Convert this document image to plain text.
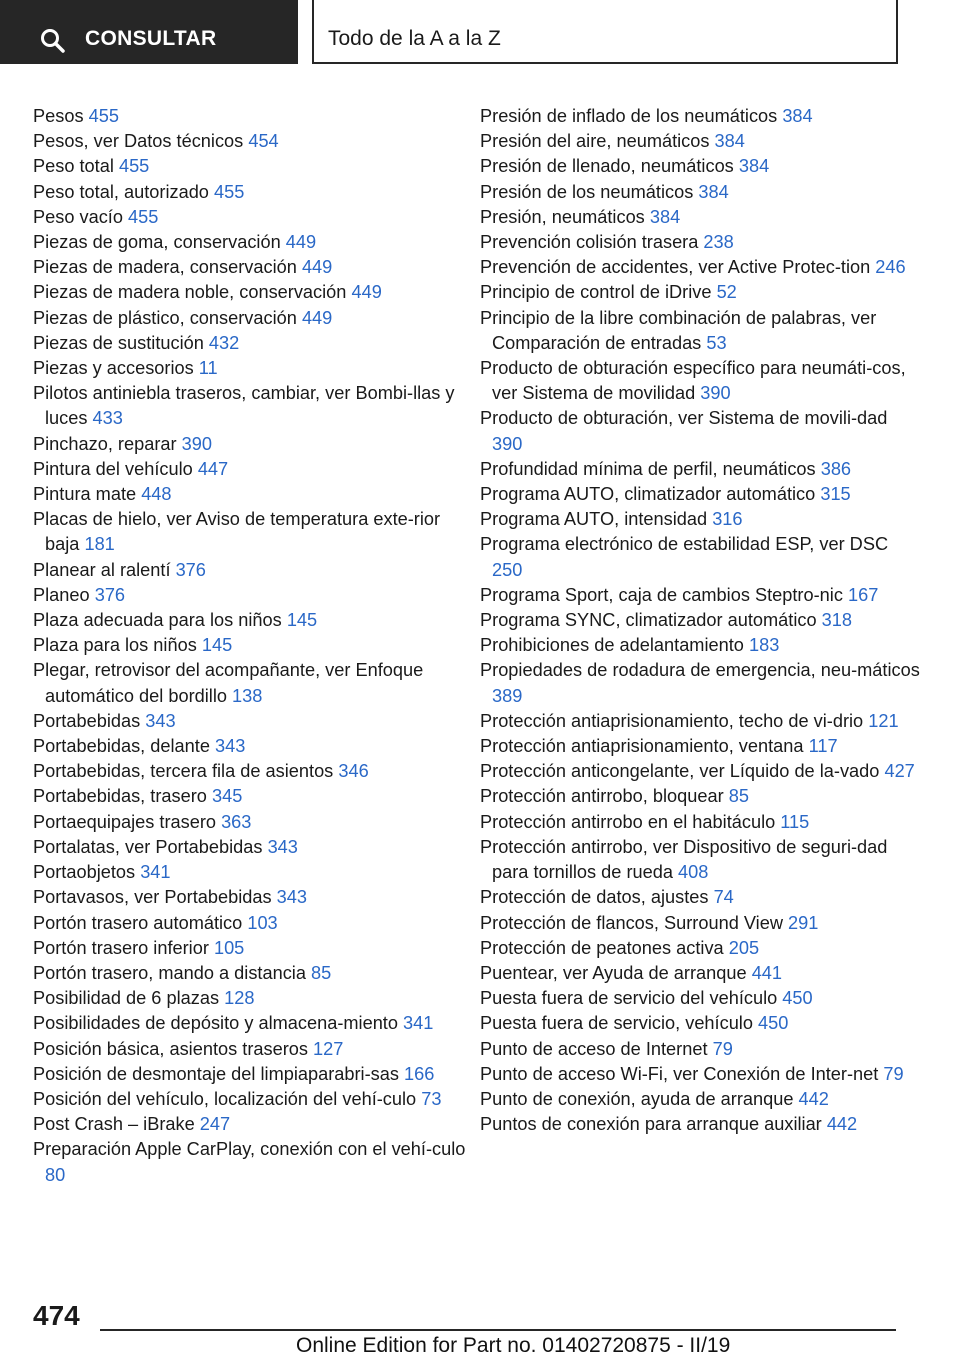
CONSULTAR	Todo de la A a la Z
Pesos 455
Pesos, ver Datos técnicos 454
Peso total 455
Peso total, autorizado 455
Peso vacío 455
Piezas de goma, conservación 449
Piezas de madera, conservación 449
Piezas de madera noble, conservación 449
Piezas de plástico, conservación 449
Piezas de sustitución 432
Piezas y accesorios 11
Pilotos antiniebla traseros, cambiar, ver Bombi-llas y luces 433
Pinchazo, reparar 390
Pintura del vehículo 447
Pintura mate 448
Placas de hielo, ver Aviso de temperatura exte-rior baja 181
Planear al ralentí 376
Planeo 376
Plaza adecuada para los niños 145
Plaza para los niños 145
Plegar, retrovisor del acompañante, ver Enfoque automático del bordillo 138
Portabebidas 343
Portabebidas, delante 343
Portabebidas, tercera fila de asientos 346
Portabebidas, trasero 345
Portaequipajes trasero 363
Portalatas, ver Portabebidas 343
Portaobjetos 341
Portavasos, ver Portabebidas 343
Portón trasero automático 103
Portón trasero inferior 105
Portón trasero, mando a distancia 85
Posibilidad de 6 plazas 128
Posibilidades de depósito y almacena-miento 341
Posición básica, asientos traseros 127
Posición de desmontaje del limpiaparabri-sas 166
Posición del vehículo, localización del vehí-culo 73
Post Crash – iBrake 247
Preparación Apple CarPlay, conexión con el vehí-culo 80
Presión de inflado de los neumáticos 384
Presión del aire, neumáticos 384
Presión de llenado, neumáticos 384
Presión de los neumáticos 384
Presión, neumáticos 384
Prevención colisión trasera 238
Prevención de accidentes, ver Active Protec-tion 246
Principio de control de iDrive 52
Principio de la libre combinación de palabras, ver Comparación de entradas 53
Producto de obturación específico para neumáti-cos, ver Sistema de movilidad 390
Producto de obturación, ver Sistema de movili-dad 390
Profundidad mínima de perfil, neumáticos 386
Programa AUTO, climatizador automático 315
Programa AUTO, intensidad 316
Programa electrónico de estabilidad ESP, ver DSC 250
Programa Sport, caja de cambios Steptro-nic 167
Programa SYNC, climatizador automático 318
Prohibiciones de adelantamiento 183
Propiedades de rodadura de emergencia, neu-máticos 389
Protección antiaprisionamiento, techo de vi-drio 121
Protección antiaprisionamiento, ventana 117
Protección anticongelante, ver Líquido de la-vado 427
Protección antirrobo, bloquear 85
Protección antirrobo en el habitáculo 115
Protección antirrobo, ver Dispositivo de seguri-dad para tornillos de rueda 408
Protección de datos, ajustes 74
Protección de flancos, Surround View 291
Protección de peatones activa 205
Puentear, ver Ayuda de arranque 441
Puesta fuera de servicio del vehículo 450
Puesta fuera de servicio, vehículo 450
Punto de acceso de Internet 79
Punto de acceso Wi-Fi, ver Conexión de Inter-net 79
Punto de conexión, ayuda de arranque 442
Puntos de conexión para arranque auxiliar 442
474
Online Edition for Part no. 01402720875 - II/19
